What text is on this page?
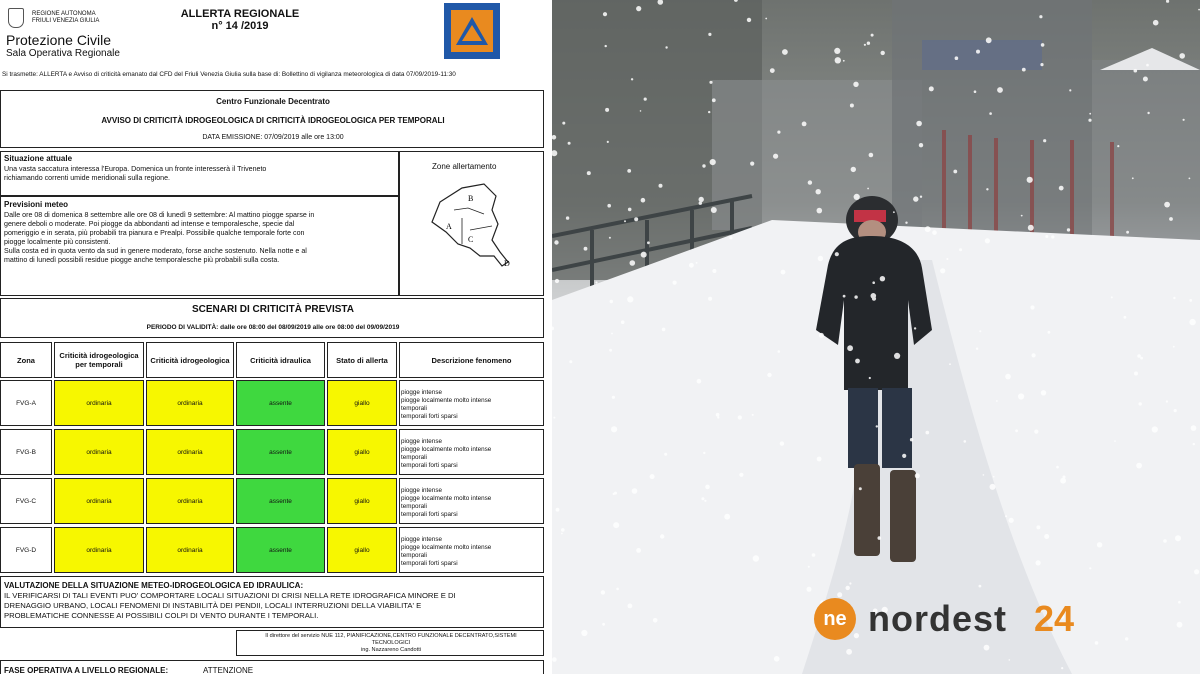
REGIONE AUTONOMA
FRIULI VENEZIA GIULIA
Protezione Civile
Sala Operativa Regionale
ALLERTA REGIONALE
n° 14 /2019
Si trasmette: ALLERTA e Avviso di criticità emanato dal CFD del Friuli Venezia Giulia sulla base di: Bollettino di vigilanza meteorologica di data 07/09/2019-11:30
Centro Funzionale Decentrato
AVVISO DI CRITICITÀ IDROGEOLOGICA DI CRITICITÀ IDROGEOLOGICA PER TEMPORALI
DATA EMISSIONE: 07/09/2019 alle ore 13:00
Situazione attuale
Una vasta saccatura interessa l'Europa. Domenica un fronte interesserà il Triveneto
richiamando correnti umide meridionali sulla regione.
Previsioni meteo
Dalle ore 08 di domenica 8 settembre alle ore 08 di lunedì 9 settembre: Al mattino piogge sparse in
genere deboli o moderate. Poi piogge da abbondanti ad intense e temporalesche, specie dal
pomeriggio e in serata, più probabili tra pianura e Prealpi. Possibile qualche temporale forte con
piogge localmente più consistenti.
Sulla costa ed in quota vento da sud in genere moderato, forse anche sostenuto. Nella notte e al
mattino di lunedì possibili residue piogge anche temporalesche più probabili sulla costa.
Zone allertamento
B
A
C
D
SCENARI DI CRITICITÀ PREVISTA
PERIODO DI VALIDITÀ: dalle ore 08:00 del 08/09/2019 alle ore 08:00 del 09/09/2019
Zona	Criticità idrogeologica per temporali	Criticità idrogeologica	Criticità idraulica	Stato di allerta	Descrizione fenomeno
FVG-A	ordinaria	ordinaria	assente	giallo
piogge intense
piogge localmente molto intense
temporali
temporali forti sparsi
FVG-B	ordinaria	ordinaria	assente	giallo
piogge intense
piogge localmente molto intense
temporali
temporali forti sparsi
FVG-C	ordinaria	ordinaria	assente	giallo
piogge intense
piogge localmente molto intense
temporali
temporali forti sparsi
FVG-D	ordinaria	ordinaria	assente	giallo
piogge intense
piogge localmente molto intense
temporali
temporali forti sparsi
VALUTAZIONE DELLA SITUAZIONE METEO-IDROGEOLOGICA ED IDRAULICA:
IL VERIFICARSI DI TALI EVENTI PUO' COMPORTARE LOCALI SITUAZIONI DI CRISI NELLA RETE IDROGRAFICA MINORE E DI
DRENAGGIO URBANO, LOCALI FENOMENI DI INSTABILITÀ DEI PENDII, LOCALI INTERRUZIONI DELLA VIABILITA' E
PROBLEMATICHE CONNESSE AI POSSIBILI COLPI DI VENTO DURANTE I TEMPORALI.
Il direttore del servizio NUE 112, PIANIFICAZIONE,CENTRO FUNZIONALE DECENTRATO,SISTEMI
TECNOLOGICI
ing. Nazzareno Candotti
FASE OPERATIVA A LIVELLO REGIONALE:	ATTENZIONE
ne nordest 24
